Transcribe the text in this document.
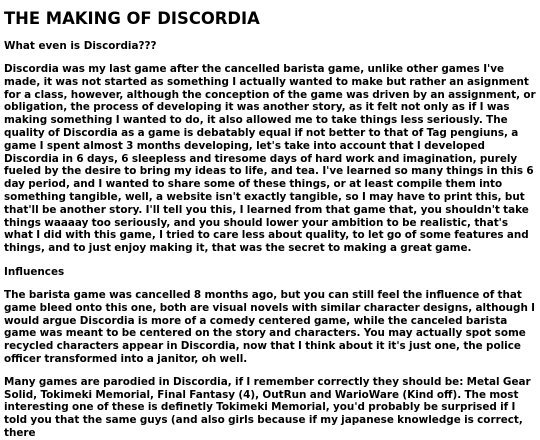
THE MAKING OF DISCORDIA
What even is Discordia???

Discordia was my last game after the cancelled barista game, unlike other games I've made, it was not started as something I actually wanted to make but rather an asignment for a class, however, although the conception of the game was driven by an assignment, or obligation, the process of developing it was another story, as it felt not only as if I was making something I wanted to do, it also allowed me to take things less seriously. The quality of Discordia as a game is debatably equal if not better to that of Tag pengiuns, a game I spent almost 3 months developing, let's take into account that I developed Discordia in 6 days, 6 sleepless and tiresome days of hard work and imagination, purely fueled by the desire to bring my ideas to life, and tea. I've learned so many things in this 6 day period, and I wanted to share some of these things, or at least compile them into something tangible, well, a website isn't exactly tangible, so I may have to print this, but that'll be another story. I'll tell you this, I learned from that game that, you shouldn't take things waaaay too seriously, and you should lower your ambition to be realistic, that's what I did with this game, I tried to care less about quality, to let go of some features and things, and to just enjoy making it, that was the secret to making a great game.

Influences

The barista game was cancelled 8 months ago, but you can still feel the influence of that game bleed onto this one, both are visual novels with similar character designs, although I would argue Discordia is more of a comedy centered game, while the canceled barista game was meant to be centered on the story and characters. You may actually spot some recycled characters appear in Discordia, now that I think about it it's just one, the police officer transformed into a janitor, oh well.

Many games are parodied in Discordia, if I remember correctly they should be: Metal Gear Solid, Tokimeki Memorial, Final Fantasy (4), OutRun and WarioWare (Kind off). The most interesting one of these is definetly Tokimeki Memorial, you'd probably be surprised if I told you that the same guys (and also girls because if my japanese knowledge is correct, there
